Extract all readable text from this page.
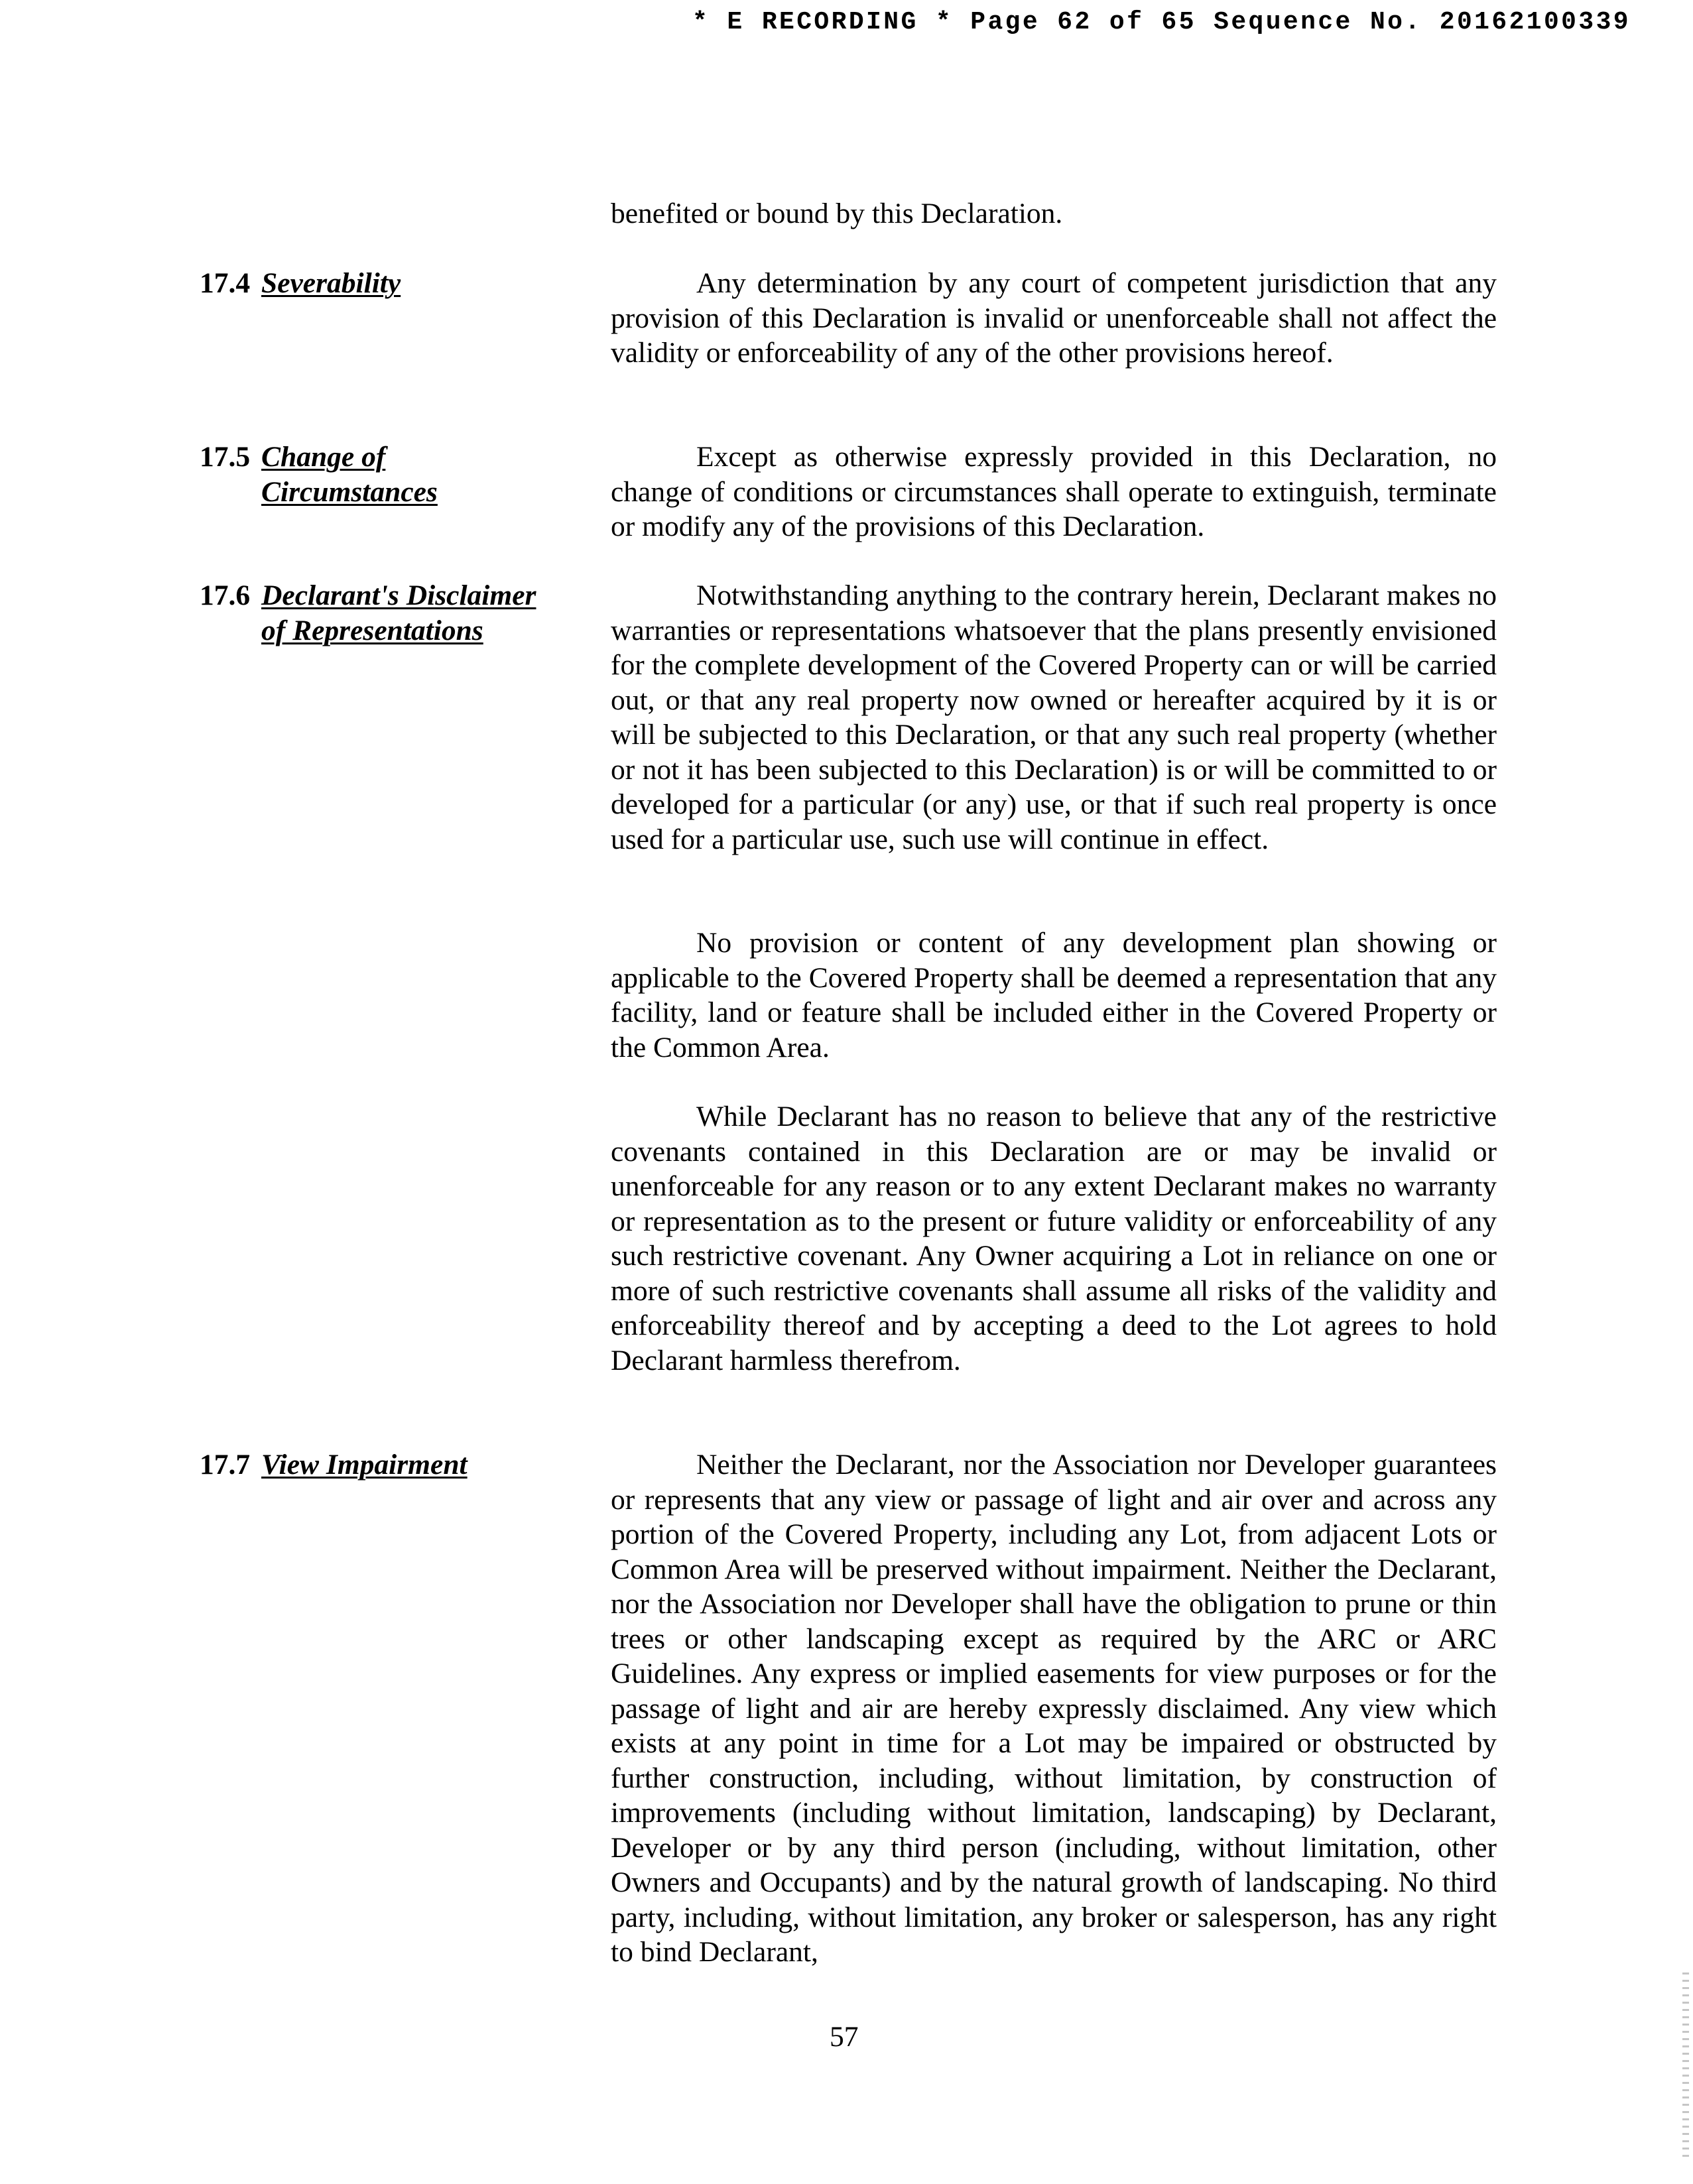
* E RECORDING * Page 62 of 65 Sequence No. 20162100339

benefited or bound by this Declaration.

17.4 Severability	Any determination by any court of competent jurisdiction that any provision of this Declaration is invalid or unenforceable shall not affect the validity or enforceability of any of the other provisions hereof.

17.5 Change of
Circumstances

Except as otherwise expressly provided in this Declaration, no change of conditions or circumstances shall operate to extinguish, terminate or modify any of the provisions of this Declaration.

17.6 Declarant's Disclaimer
of Representations

Notwithstanding anything to the contrary herein, Declarant makes no warranties or representations whatsoever that the plans presently envisioned for the complete development of the Covered Property can or will be carried out, or that any real property now owned or hereafter acquired by it is or will be subjected to this Declaration, or that any such real property (whether or not it has been subjected to this Declaration) is or will be committed to or developed for a particular (or any) use, or that if such real property is once used for a particular use, such use will continue in effect.

No provision or content of any development plan showing or applicable to the Covered Property shall be deemed a representation that any facility, land or feature shall be included either in the Covered Property or the Common Area.

While Declarant has no reason to believe that any of the restrictive covenants contained in this Declaration are or may be invalid or unenforceable for any reason or to any extent Declarant makes no warranty or representation as to the present or future validity or enforceability of any such restrictive covenant. Any Owner acquiring a Lot in reliance on one or more of such restrictive covenants shall assume all risks of the validity and enforceability thereof and by accepting a deed to the Lot agrees to hold Declarant harmless therefrom.

17.7 View Impairment	Neither the Declarant, nor the Association nor Developer guarantees or represents that any view or passage of light and air over and across any portion of the Covered Property, including any Lot, from adjacent Lots or Common Area will be preserved without impairment. Neither the Declarant, nor the Association nor Developer shall have the obligation to prune or thin trees or other landscaping except as required by the ARC or ARC Guidelines. Any express or implied easements for view purposes or for the passage of light and air are hereby expressly disclaimed. Any view which exists at any point in time for a Lot may be impaired or obstructed by further construction, including, without limitation, by construction of improvements (including without limitation, landscaping) by Declarant, Developer or by any third person (including, without limitation, other Owners and Occupants) and by the natural growth of landscaping. No third party, including, without limitation, any broker or salesperson, has any right to bind Declarant,

57
